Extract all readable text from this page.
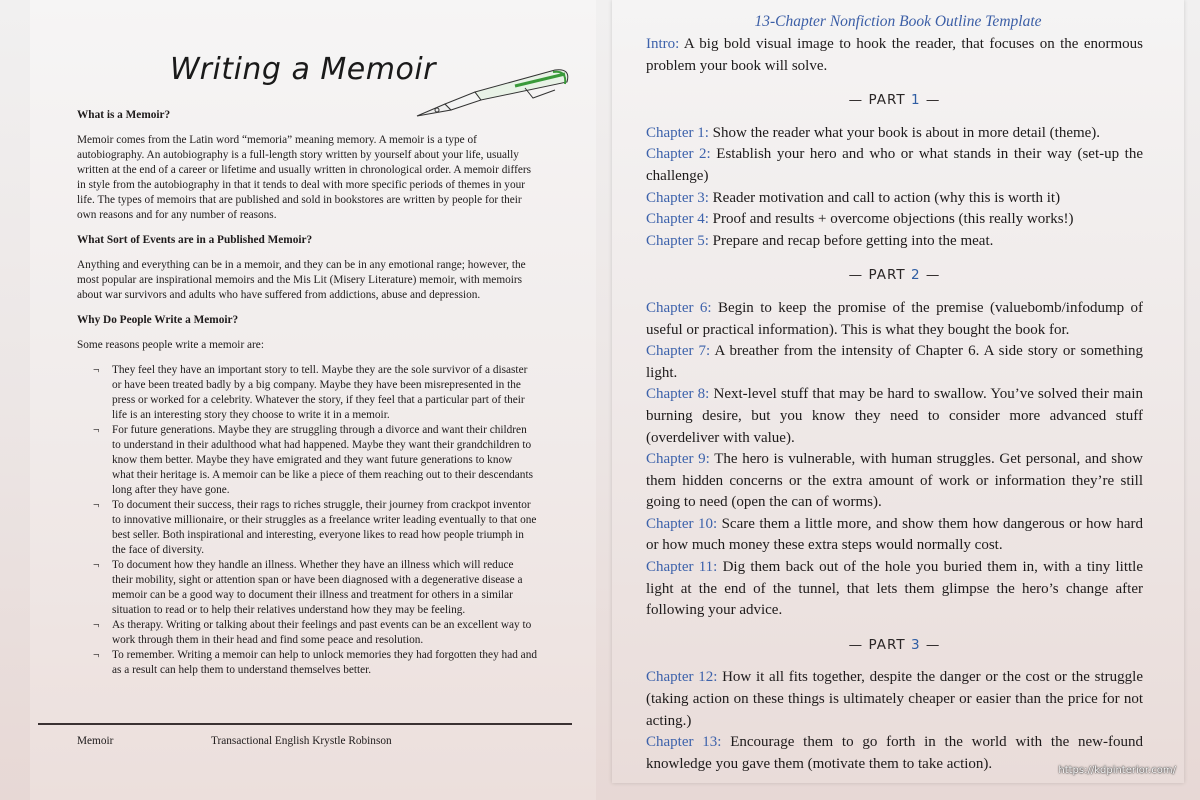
Writing a Memoir
What is a Memoir?

Memoir comes from the Latin word “memoria” meaning memory. A memoir is a type of autobiography. An autobiography is a full-length story written by yourself about your life, usually written at the end of a career or lifetime and usually written in chronological order. A memoir differs in style from the autobiography in that it tends to deal with more specific periods of themes in your life. The types of memoirs that are published and sold in bookstores are written by people for their own reasons and for any number of reasons.

What Sort of Events are in a Published Memoir?

Anything and everything can be in a memoir, and they can be in any emotional range; however, the most popular are inspirational memoirs and the Mis Lit (Misery Literature) memoir, with memoirs about war survivors and adults who have suffered from addictions, abuse and depression.

Why Do People Write a Memoir?

Some reasons people write a memoir are:

¬ They feel they have an important story to tell. Maybe they are the sole survivor of a disaster or have been treated badly by a big company. Maybe they have been misrepresented in the press or worked for a celebrity. Whatever the story, if they feel that a particular part of their life is an interesting story they choose to write it in a memoir.
¬ For future generations. Maybe they are struggling through a divorce and want their children to understand in their adulthood what had happened. Maybe they want their grandchildren to know them better. Maybe they have emigrated and they want future generations to know what their heritage is. A memoir can be like a piece of them reaching out to their descendants long after they have gone.
¬ To document their success, their rags to riches struggle, their journey from crackpot inventor to innovative millionaire, or their struggles as a freelance writer leading eventually to that one best seller. Both inspirational and interesting, everyone likes to read how people triumph in the face of diversity.
¬ To document how they handle an illness. Whether they have an illness which will reduce their mobility, sight or attention span or have been diagnosed with a degenerative disease a memoir can be a good way to document their illness and treatment for others in a similar situation to read or to help their relatives understand how they may be feeling.
¬ As therapy. Writing or talking about their feelings and past events can be an excellent way to work through them in their head and find some peace and resolution.
¬ To remember. Writing a memoir can help to unlock memories they had forgotten they had and as a result can help them to understand themselves better.
Memoir	Transactional English Krystle Robinson
13-Chapter Nonfiction Book Outline Template

Intro: A big bold visual image to hook the reader, that focuses on the enormous problem your book will solve.

— PART 1 —

Chapter 1: Show the reader what your book is about in more detail (theme).

Chapter 2: Establish your hero and who or what stands in their way (set-up the challenge)

Chapter 3: Reader motivation and call to action (why this is worth it)

Chapter 4: Proof and results + overcome objections (this really works!)

Chapter 5: Prepare and recap before getting into the meat.

— PART 2 —

Chapter 6: Begin to keep the promise of the premise (valuebomb/infodump of useful or practical information). This is what they bought the book for.

Chapter 7: A breather from the intensity of Chapter 6. A side story or something light.

Chapter 8: Next-level stuff that may be hard to swallow. You’ve solved their main burning desire, but you know they need to consider more advanced stuff (overdeliver with value).

Chapter 9: The hero is vulnerable, with human struggles. Get personal, and show them hidden concerns or the extra amount of work or information they’re still going to need (open the can of worms).

Chapter 10: Scare them a little more, and show them how dangerous or how hard or how much money these extra steps would normally cost.

Chapter 11: Dig them back out of the hole you buried them in, with a tiny little light at the end of the tunnel, that lets them glimpse the hero’s change after following your advice.

— PART 3 —

Chapter 12: How it all fits together, despite the danger or the cost or the struggle (taking action on these things is ultimately cheaper or easier than the price for not acting.)

Chapter 13: Encourage them to go forth in the world with the new-found knowledge you gave them (motivate them to take action).	https://kdpinterior.com/
